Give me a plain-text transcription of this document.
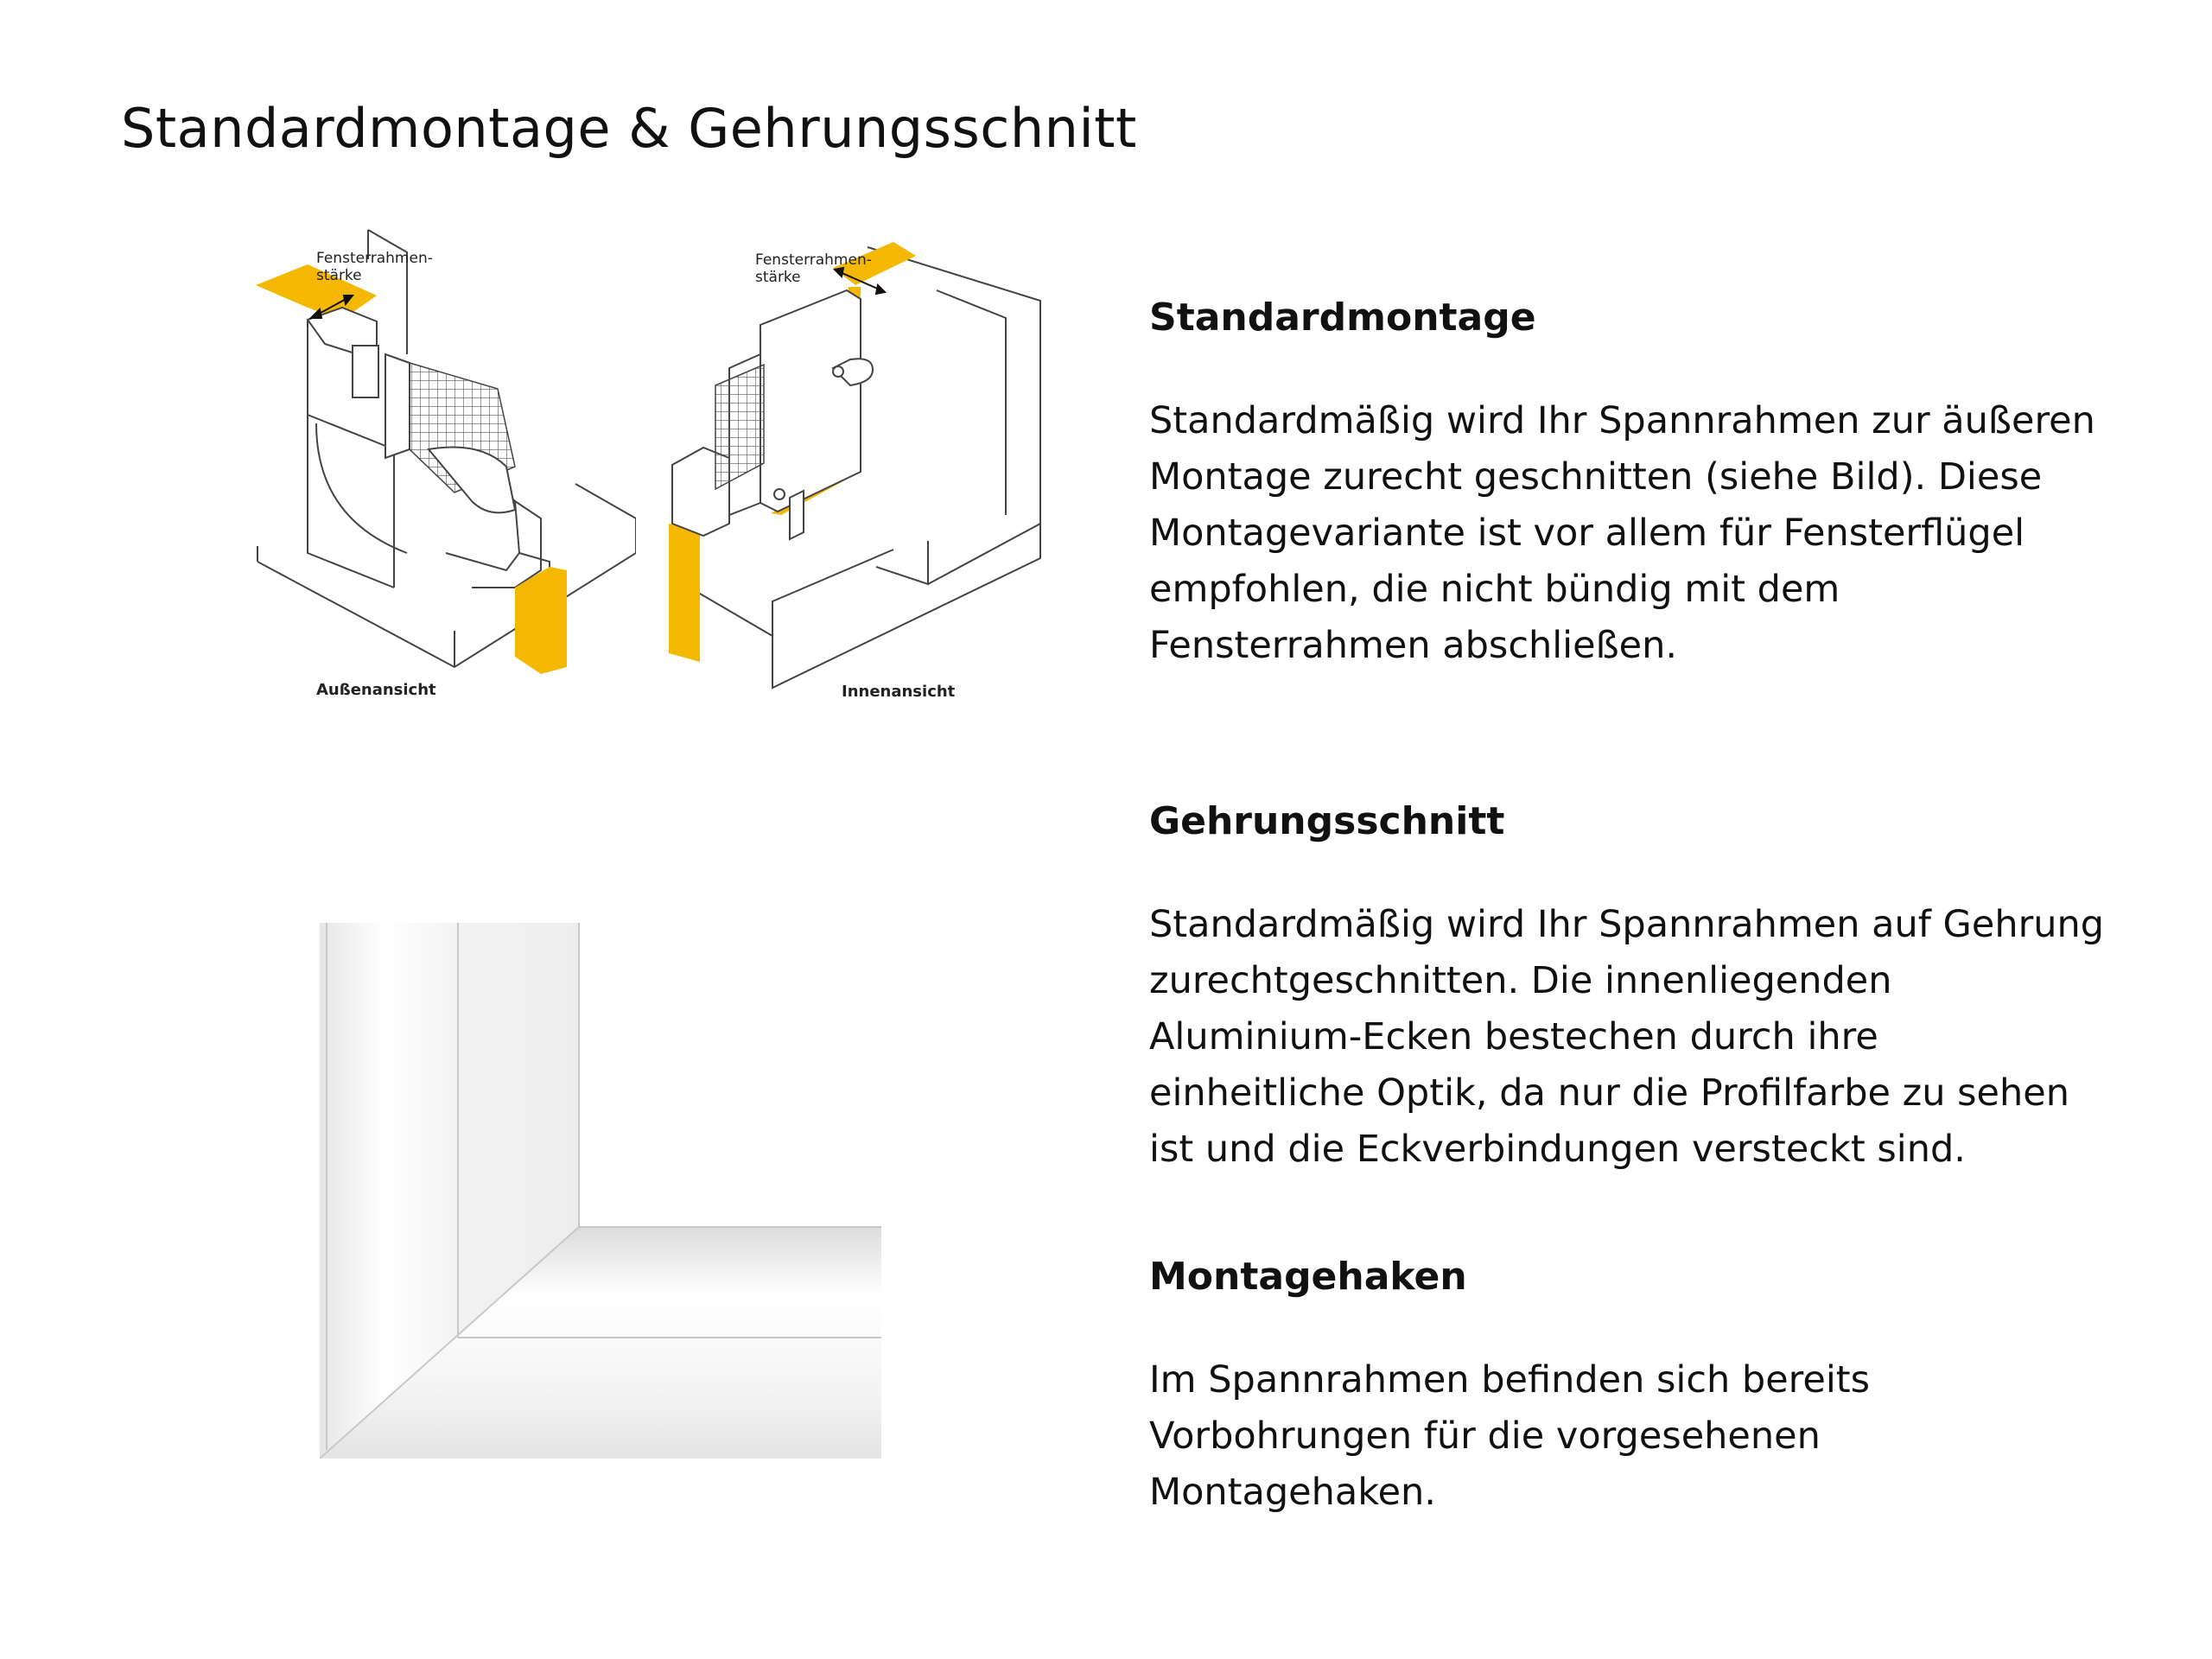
Standardmontage & Gehrungsschnitt
Fensterrahmen-
stärke
Außenansicht
Fensterrahmen-
stärke
Innenansicht
Standardmontage

Standardmäßig wird Ihr Spannrahmen zur äußeren
Montage zurecht geschnitten (siehe Bild). Diese
Montagevariante ist vor allem für Fensterflügel
empfohlen, die nicht bündig mit dem
Fensterrahmen abschließen.

Gehrungsschnitt

Standardmäßig wird Ihr Spannrahmen auf Gehrung
zurechtgeschnitten. Die innenliegenden
Aluminium-Ecken bestechen durch ihre
einheitliche Optik, da nur die Profilfarbe zu sehen
ist und die Eckverbindungen versteckt sind.

Montagehaken

Im Spannrahmen befinden sich bereits
Vorbohrungen für die vorgesehenen
Montagehaken.
